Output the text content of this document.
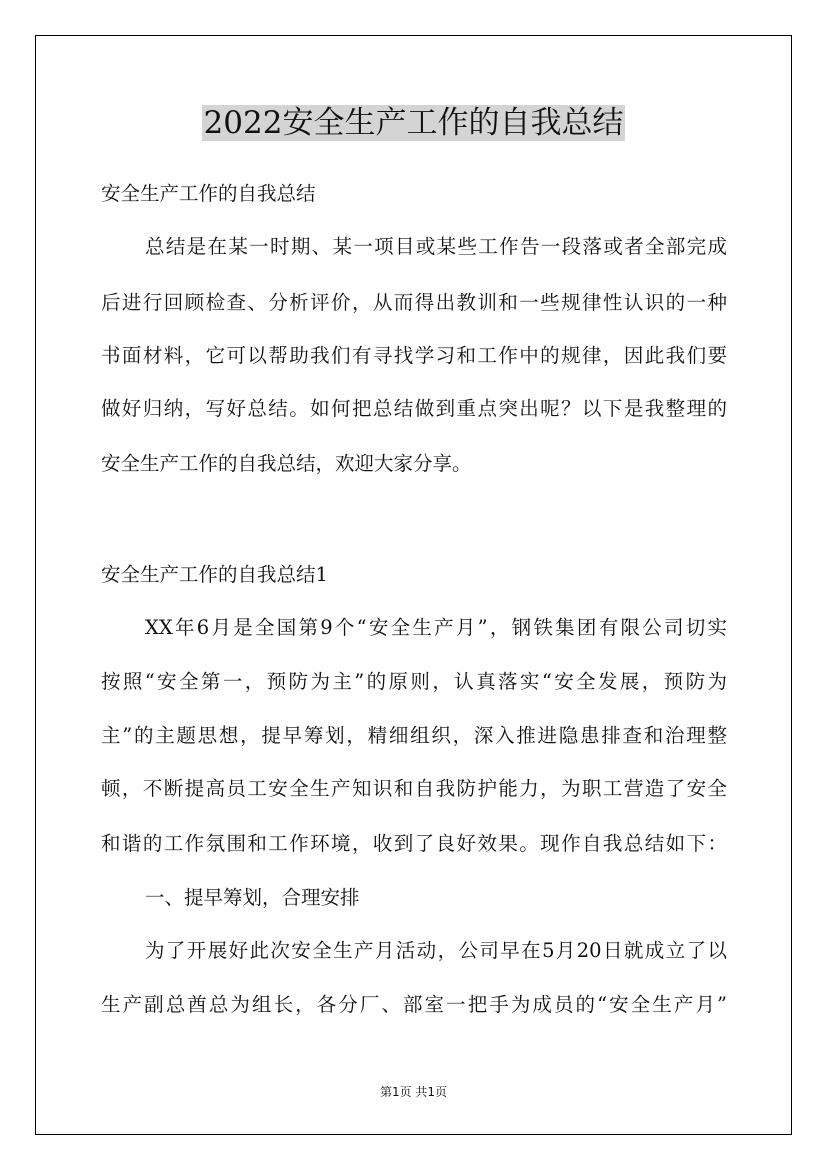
2022安全生产工作的自我总结
安全生产工作的自我总结
总结是在某一时期、某一项目或某些工作告一段落或者全部完成
后进行回顾检查、分析评价，从而得出教训和一些规律性认识的一种
书面材料，它可以帮助我们有寻找学习和工作中的规律，因此我们要
做好归纳，写好总结。如何把总结做到重点突出呢？以下是我整理的
安全生产工作的自我总结，欢迎大家分享。
安全生产工作的自我总结1
XX年6月是全国第9个“安全生产月”，钢铁集团有限公司切实
按照“安全第一，预防为主”的原则，认真落实“安全发展，预防为
主”的主题思想，提早筹划，精细组织，深入推进隐患排查和治理整
顿，不断提高员工安全生产知识和自我防护能力，为职工营造了安全
和谐的工作氛围和工作环境，收到了良好效果。现作自我总结如下：
一、提早筹划，合理安排
为了开展好此次安全生产月活动，公司早在5月20日就成立了以
生产副总酋总为组长，各分厂、部室一把手为成员的“安全生产月”
第1页 共1页
